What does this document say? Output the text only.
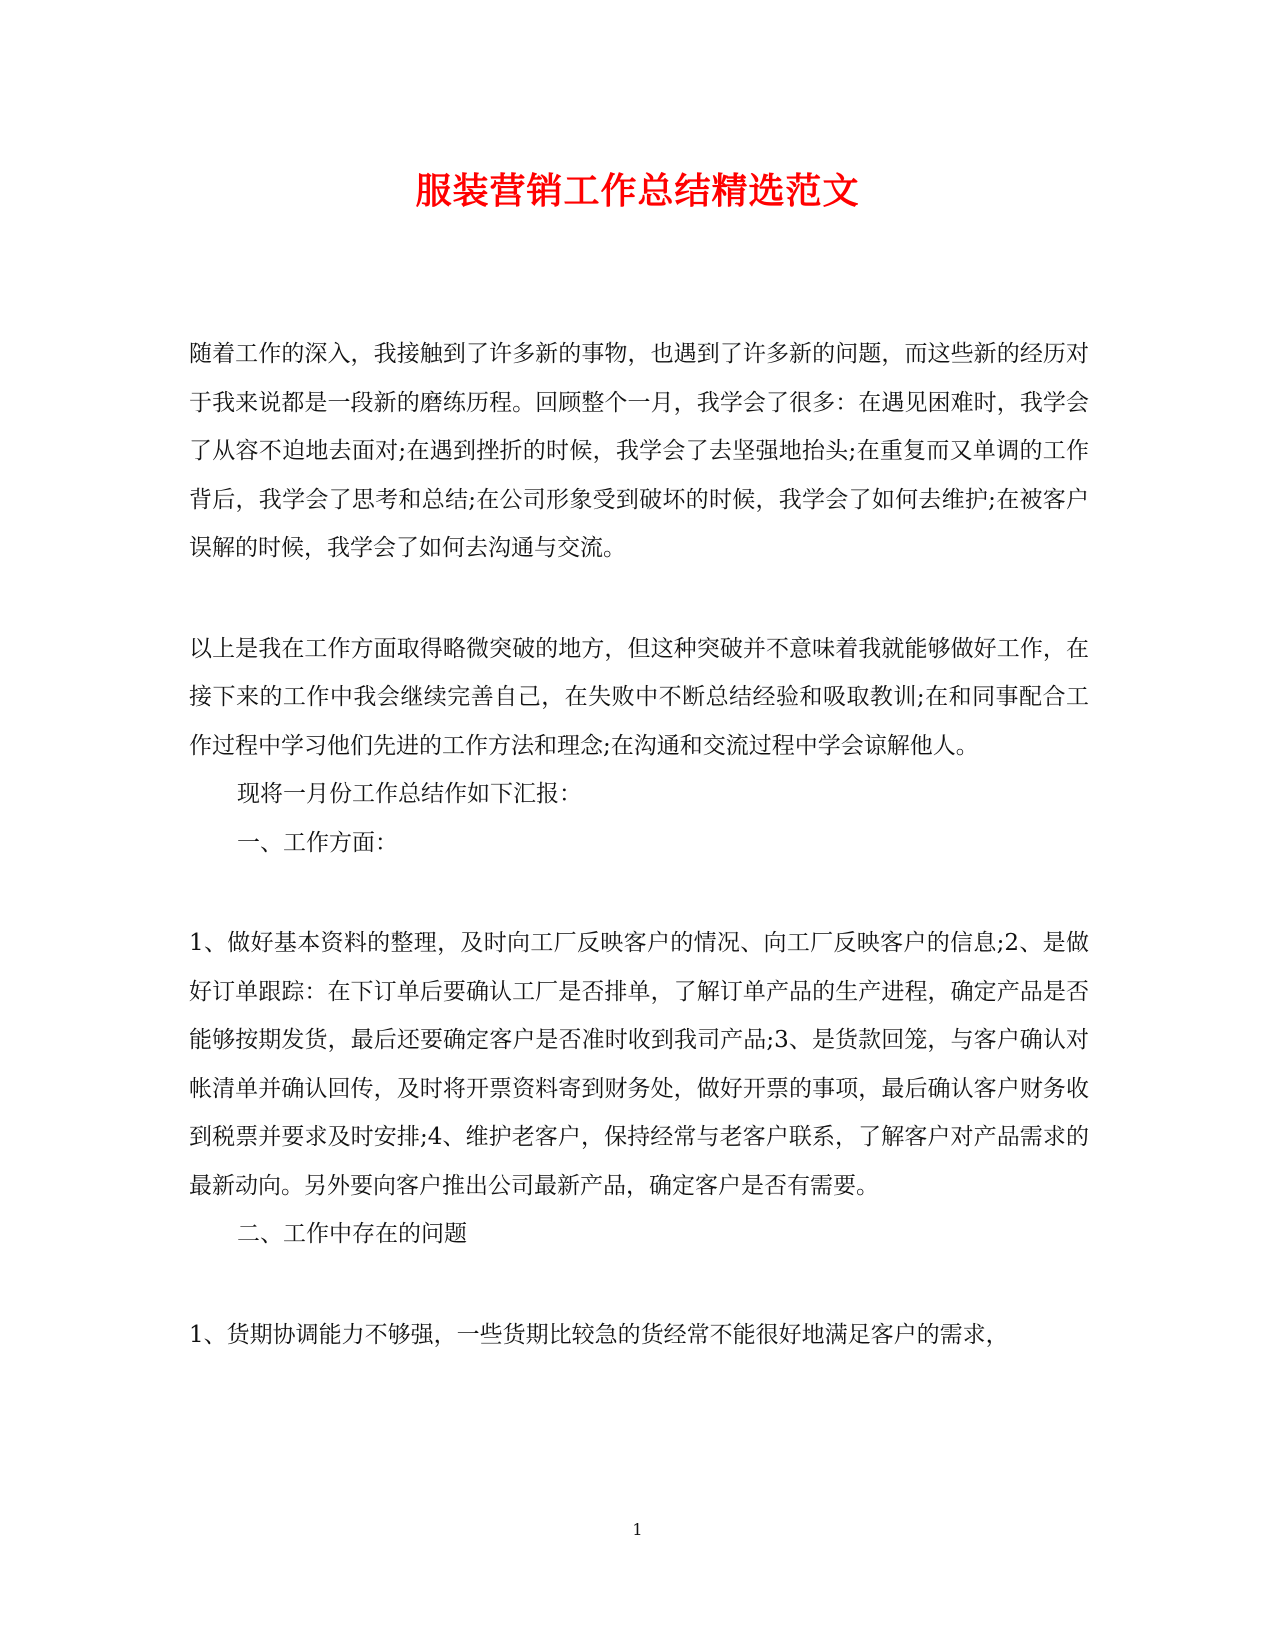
服装营销工作总结精选范文

随着工作的深入，我接触到了许多新的事物，也遇到了许多新的问题，而这些新的经历对于我来说都是一段新的磨练历程。回顾整个一月，我学会了很多：在遇见困难时，我学会了从容不迫地去面对;在遇到挫折的时候，我学会了去坚强地抬头;在重复而又单调的工作背后，我学会了思考和总结;在公司形象受到破坏的时候，我学会了如何去维护;在被客户误解的时候，我学会了如何去沟通与交流。

以上是我在工作方面取得略微突破的地方，但这种突破并不意味着我就能够做好工作，在接下来的工作中我会继续完善自己，在失败中不断总结经验和吸取教训;在和同事配合工作过程中学习他们先进的工作方法和理念;在沟通和交流过程中学会谅解他人。

现将一月份工作总结作如下汇报：

一、工作方面：

1、做好基本资料的整理，及时向工厂反映客户的情况、向工厂反映客户的信息;2、是做好订单跟踪：在下订单后要确认工厂是否排单，了解订单产品的生产进程，确定产品是否能够按期发货，最后还要确定客户是否准时收到我司产品;3、是货款回笼，与客户确认对帐清单并确认回传，及时将开票资料寄到财务处，做好开票的事项，最后确认客户财务收到税票并要求及时安排;4、维护老客户，保持经常与老客户联系，了解客户对产品需求的最新动向。另外要向客户推出公司最新产品，确定客户是否有需要。

二、工作中存在的问题

1、货期协调能力不够强，一些货期比较急的货经常不能很好地满足客户的需求，

1
